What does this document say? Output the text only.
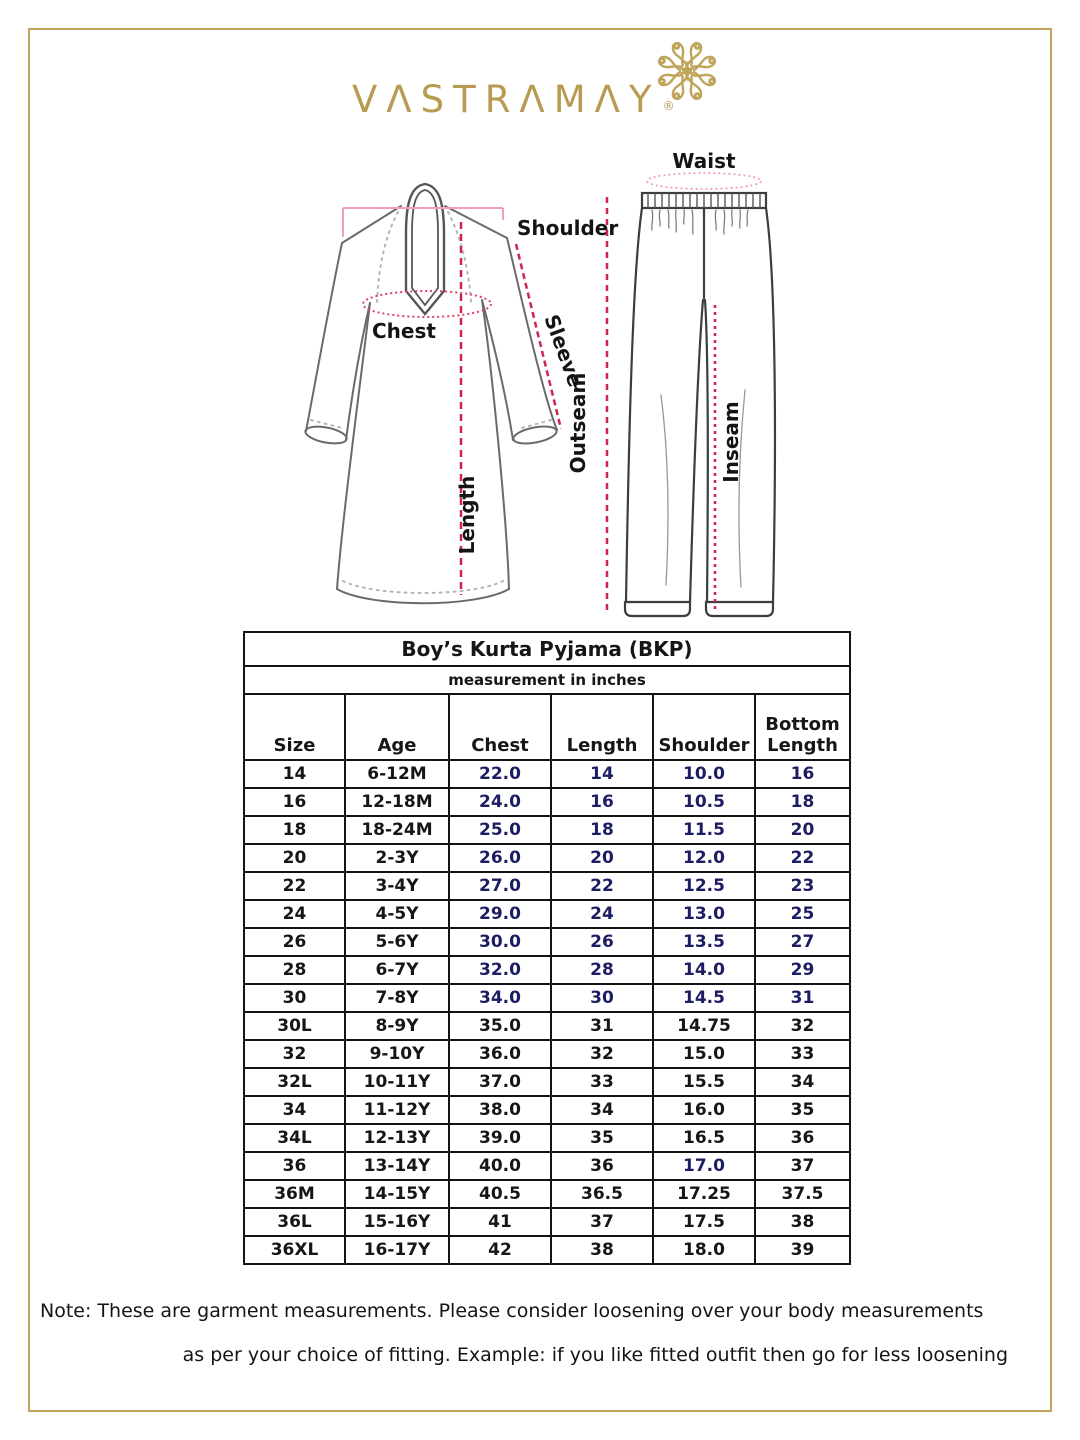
VΛSTRΛMΛY ®
Shoulder
Chest	Sleeve
Length
Waist
Outseam	Inseam
Boy’s Kurta Pyjama (BKP)					
measurement in inches					
Size	Age	Chest	Length	Shoulder	Bottom Length
14	6-12M	22.0	14	10.0	16
16	12-18M	24.0	16	10.5	18
18	18-24M	25.0	18	11.5	20
20	2-3Y	26.0	20	12.0	22
22	3-4Y	27.0	22	12.5	23
24	4-5Y	29.0	24	13.0	25
26	5-6Y	30.0	26	13.5	27
28	6-7Y	32.0	28	14.0	29
30	7-8Y	34.0	30	14.5	31
30L	8-9Y	35.0	31	14.75	32
32	9-10Y	36.0	32	15.0	33
32L	10-11Y	37.0	33	15.5	34
34	11-12Y	38.0	34	16.0	35
34L	12-13Y	39.0	35	16.5	36
36	13-14Y	40.0	36	17.0	37
36M	14-15Y	40.5	36.5	17.25	37.5
36L	15-16Y	41	37	17.5	38
36XL	16-17Y	42	38	18.0	39
Note: These are garment measurements. Please consider loosening over your body measurements
as per your choice of fitting. Example: if you like fitted outfit then go for less loosening
